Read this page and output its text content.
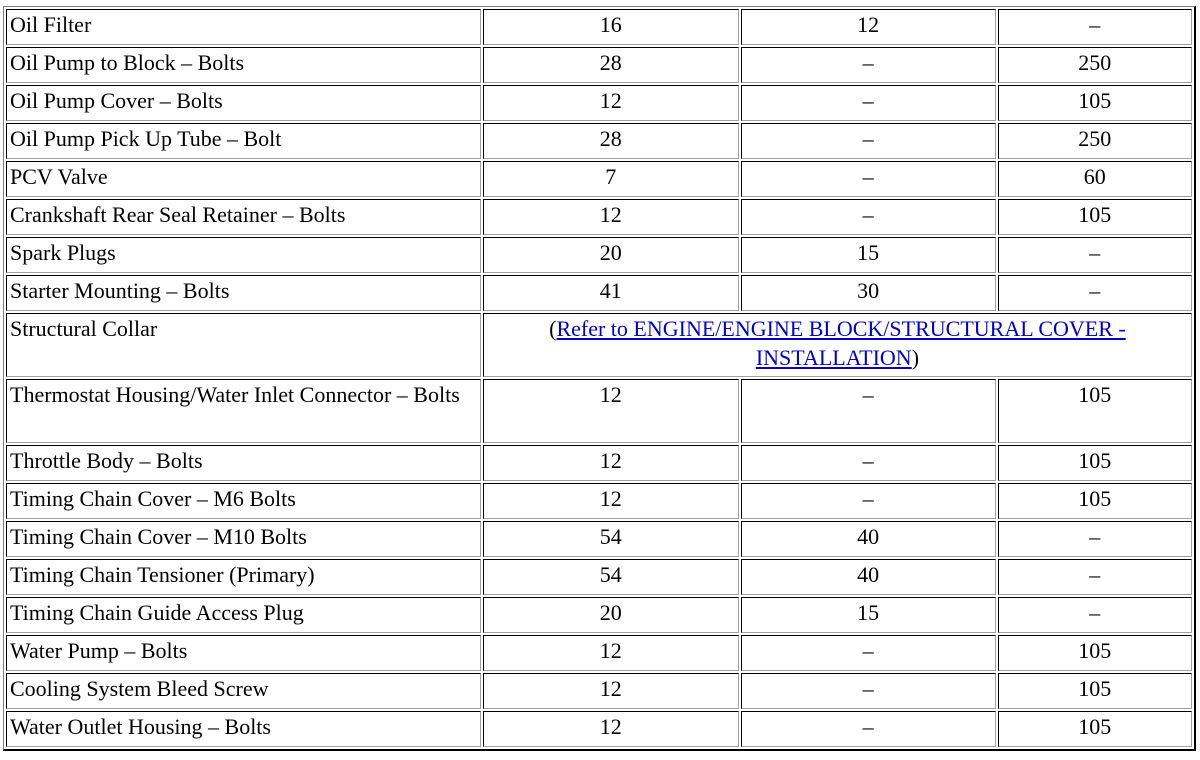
Oil Filter	16	12	–
Oil Pump to Block – Bolts	28	–	250
Oil Pump Cover – Bolts	12	–	105
Oil Pump Pick Up Tube – Bolt	28	–	250
PCV Valve	7	–	60
Crankshaft Rear Seal Retainer – Bolts	12	–	105
Spark Plugs	20	15	–
Starter Mounting – Bolts	41	30	–
Structural Collar	(Refer to ENGINE/ENGINE BLOCK/STRUCTURAL COVER - INSTALLATION)		
Thermostat Housing/Water Inlet Connector – Bolts	12	–	105
Throttle Body – Bolts	12	–	105
Timing Chain Cover – M6 Bolts	12	–	105
Timing Chain Cover – M10 Bolts	54	40	–
Timing Chain Tensioner (Primary)	54	40	–
Timing Chain Guide Access Plug	20	15	–
Water Pump – Bolts	12	–	105
Cooling System Bleed Screw	12	–	105
Water Outlet Housing – Bolts	12	–	105
